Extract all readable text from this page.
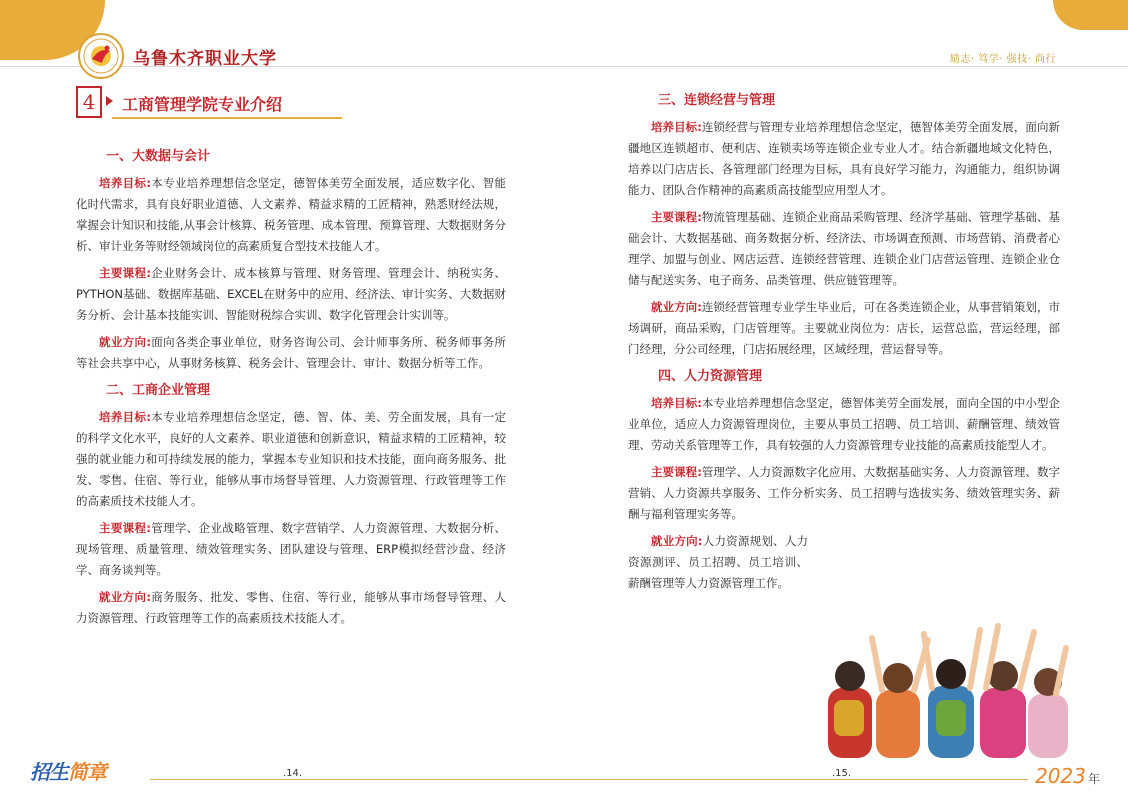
乌鲁木齐职业大学	励志· 笃学· 强技· 尚行
4	工商管理学院专业介绍
一、大数据与会计

培养目标:本专业培养理想信念坚定，德智体美劳全面发展，适应数字化、智能化时代需求，具有良好职业道德、人文素养、精益求精的工匠精神，熟悉财经法规，掌握会计知识和技能,从事会计核算、税务管理、成本管理、预算管理、大数据财务分析、审计业务等财经领域岗位的高素质复合型技术技能人才。

主要课程:企业财务会计、成本核算与管理、财务管理、管理会计、纳税实务、PYTHON基础、数据库基础、EXCEL在财务中的应用、经济法、审计实务、大数据财务分析、会计基本技能实训、智能财税综合实训、数字化管理会计实训等。

就业方向:面向各类企事业单位，财务咨询公司、会计师事务所、税务师事务所等社会共享中心，从事财务核算、税务会计、管理会计、审计、数据分析等工作。

二、工商企业管理

培养目标:本专业培养理想信念坚定，德、智、体、美、劳全面发展，具有一定的科学文化水平，良好的人文素养、职业道德和创新意识，精益求精的工匠精神，较强的就业能力和可持续发展的能力，掌握本专业知识和技术技能，面向商务服务、批发、零售、住宿、等行业，能够从事市场督导管理、人力资源管理、行政管理等工作的高素质技术技能人才。

主要课程:管理学、企业战略管理、数字营销学、人力资源管理、大数据分析、现场管理、质量管理、绩效管理实务、团队建设与管理、ERP模拟经营沙盘、经济学、商务谈判等。

就业方向:商务服务、批发、零售、住宿、等行业，能够从事市场督导管理、人力资源管理、行政管理等工作的高素质技术技能人才。

三、连锁经营与管理

培养目标:连锁经营与管理专业培养理想信念坚定，德智体美劳全面发展，面向新疆地区连锁超市、便利店、连锁卖场等连锁企业专业人才。结合新疆地域文化特色，培养以门店店长、各管理部门经理为目标，具有良好学习能力，沟通能力，组织协调能力、团队合作精神的高素质高技能型应用型人才。

主要课程:物流管理基础、连锁企业商品采购管理、经济学基础、管理学基础、基础会计、大数据基础、商务数据分析、经济法、市场调查预测、市场营销、消费者心理学、加盟与创业、网店运营、连锁经营管理、连锁企业门店营运管理、连锁企业仓储与配送实务、电子商务、品类管理、供应链管理等。

就业方向:连锁经营管理专业学生毕业后，可在各类连锁企业，从事营销策划，市场调研，商品采购，门店管理等。主要就业岗位为：店长，运营总监，营运经理，部门经理，分公司经理，门店拓展经理，区域经理，营运督导等。

四、人力资源管理

培养目标:本专业培养理想信念坚定，德智体美劳全面发展，面向全国的中小型企业单位，适应人力资源管理岗位，主要从事员工招聘、员工培训、薪酬管理、绩效管理、劳动关系管理等工作，具有较强的人力资源管理专业技能的高素质技能型人才。

主要课程:管理学、人力资源数字化应用、大数据基础实务、人力资源管理、数字营销、人力资源共享服务、工作分析实务、员工招聘与选拔实务、绩效管理实务、薪酬与福利管理实务等。

就业方向:人力资源规划、人力资源测评、员工招聘、员工培训、薪酬管理等人力资源管理工作。

招生简章	.14.	.15.	2023 年
